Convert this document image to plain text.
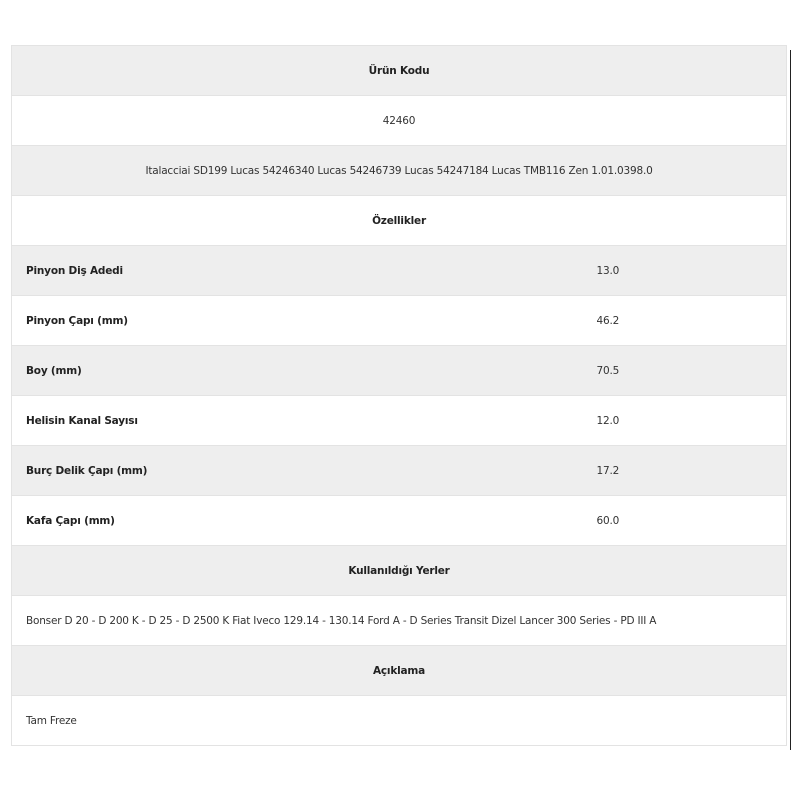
Ürün Kodu	
42460	
Italacciai SD199 Lucas 54246340 Lucas 54246739 Lucas 54247184 Lucas TMB116 Zen 1.01.0398.0	
Özellikler	
Pinyon Diş Adedi	13.0
Pinyon Çapı (mm)	46.2
Boy (mm)	70.5
Helisin Kanal Sayısı	12.0
Burç Delik Çapı (mm)	17.2
Kafa Çapı (mm)	60.0
Kullanıldığı Yerler	
Bonser D 20 - D 200 K - D 25 - D 2500 K Fiat Iveco 129.14 - 130.14 Ford A - D Series Transit Dizel Lancer 300 Series - PD III A	
Açıklama	
Tam Freze	
